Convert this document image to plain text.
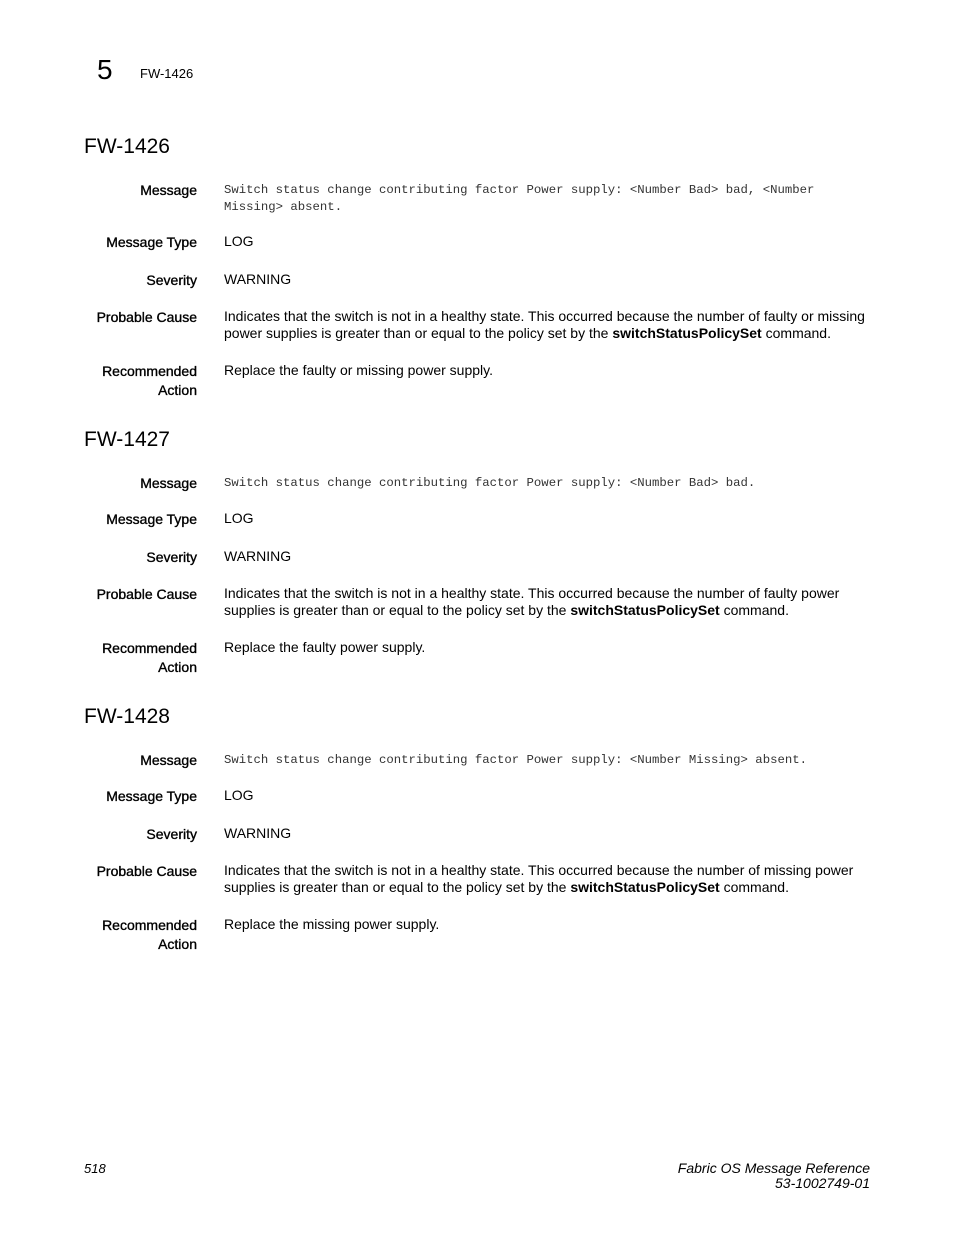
5 FW-1426
FW-1426
Message Switch status change contributing factor Power supply: <Number Bad> bad, <Number
Missing> absent.
Message Type LOG
Severity WARNING
Probable Cause Indicates that the switch is not in a healthy state. This occurred because the number of faulty or missing
power supplies is greater than or equal to the policy set by the switchStatusPolicySet command.
Recommended
Action
Replace the faulty or missing power supply.
FW-1427
Message Switch status change contributing factor Power supply: <Number Bad> bad.
Message Type LOG
Severity WARNING
Probable Cause Indicates that the switch is not in a healthy state. This occurred because the number of faulty power
supplies is greater than or equal to the policy set by the switchStatusPolicySet command.
Recommended
Action
Replace the faulty power supply.
FW-1428
Message Switch status change contributing factor Power supply: <Number Missing> absent.
Message Type LOG
Severity WARNING
Probable Cause Indicates that the switch is not in a healthy state. This occurred because the number of missing power
supplies is greater than or equal to the policy set by the switchStatusPolicySet command.
Recommended
Action
Replace the missing power supply.
518	Fabric OS Message Reference
53-1002749-01
